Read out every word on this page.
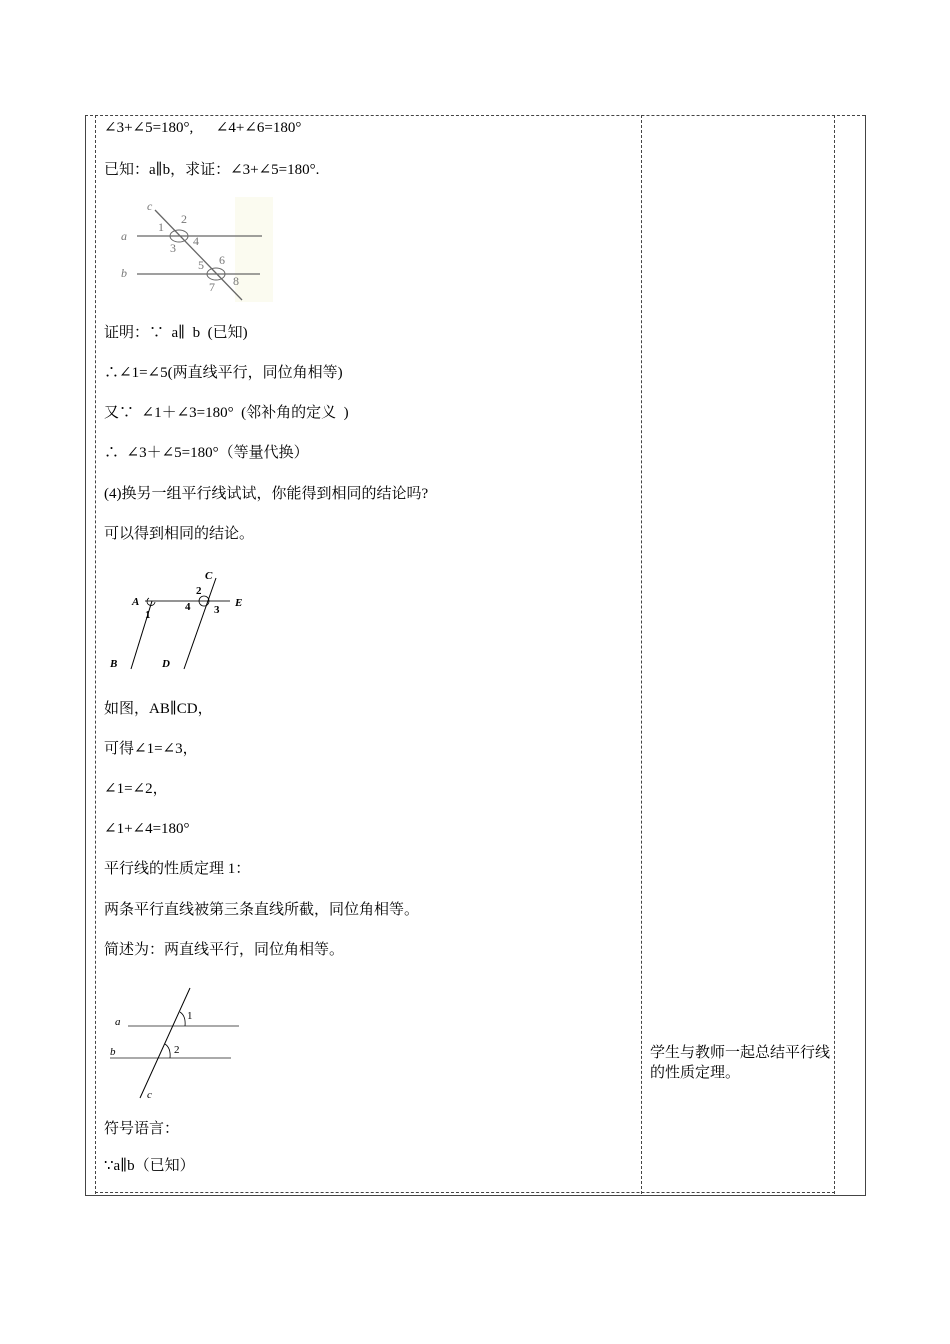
∠3+∠5=180°,      ∠4+∠6=180°
已知：a∥b，求证：∠3+∠5=180°.
c
2
1
a
3 4
5 6
b
7 8
证明：∵  a∥  b  (已知)
∴∠1=∠5(两直线平行，同位角相等)
又∵  ∠1＋∠3=180°  (邻补角的定义  )
∴  ∠3＋∠5=180°（等量代换）
(4)换另一组平行线试试，你能得到相同的结论吗?
可以得到相同的结论。
C
2
A	4 3
E
1
B	D
如图，AB∥CD，
可得∠1=∠3，
∠1=∠2，
∠1+∠4=180°
平行线的性质定理 1：
两条平行直线被第三条直线所截，同位角相等。
简述为：两直线平行，同位角相等。
a	1
b	2
c
符号语言：
∵a∥b（已知）
学生与教师一起总结平行线的性质定理。
